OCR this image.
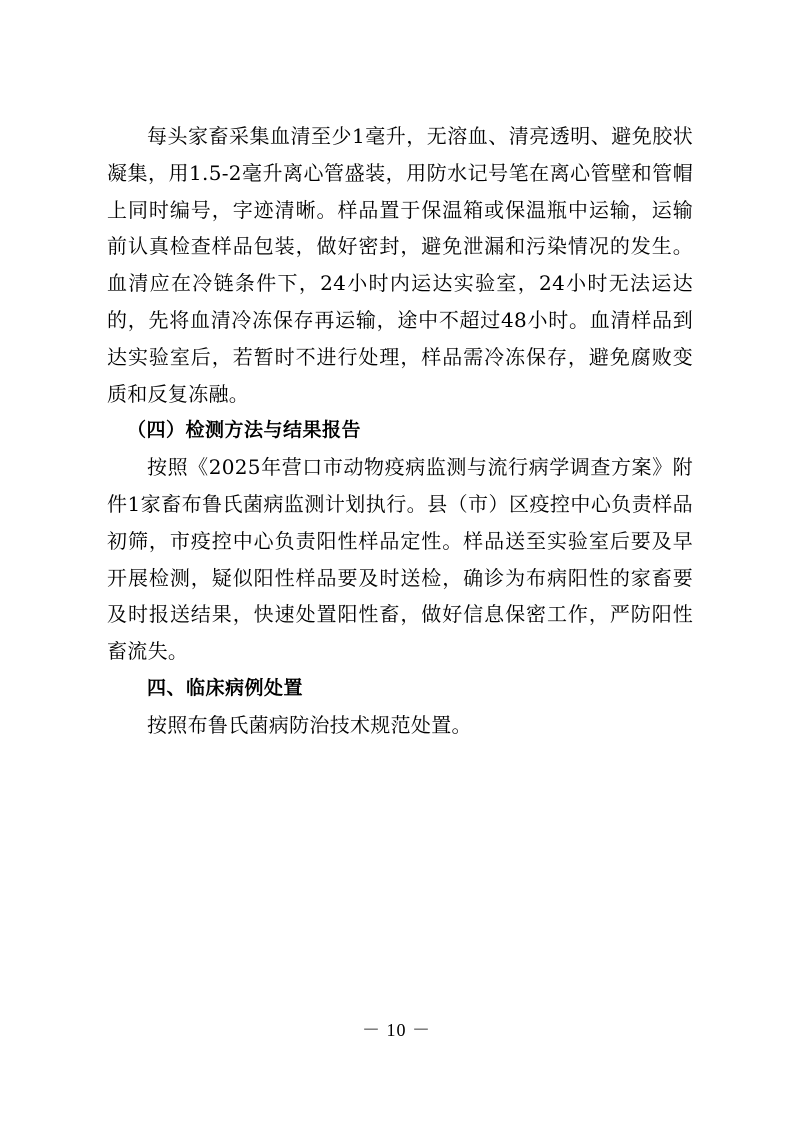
每头家畜采集血清至少1毫升，无溶血、清亮透明、避免胶状凝集，用1.5-2毫升离心管盛装，用防水记号笔在离心管壁和管帽上同时编号，字迹清晰。样品置于保温箱或保温瓶中运输，运输前认真检查样品包装，做好密封，避免泄漏和污染情况的发生。血清应在冷链条件下，24小时内运达实验室，24小时无法运达的，先将血清冷冻保存再运输，途中不超过48小时。血清样品到达实验室后，若暂时不进行处理，样品需冷冻保存，避免腐败变质和反复冻融。

（四）检测方法与结果报告

按照《2025年营口市动物疫病监测与流行病学调查方案》附件1家畜布鲁氏菌病监测计划执行。县（市）区疫控中心负责样品初筛，市疫控中心负责阳性样品定性。样品送至实验室后要及早开展检测，疑似阳性样品要及时送检，确诊为布病阳性的家畜要及时报送结果，快速处置阳性畜，做好信息保密工作，严防阳性畜流失。

四、临床病例处置

按照布鲁氏菌病防治技术规范处置。

－ 10 －
